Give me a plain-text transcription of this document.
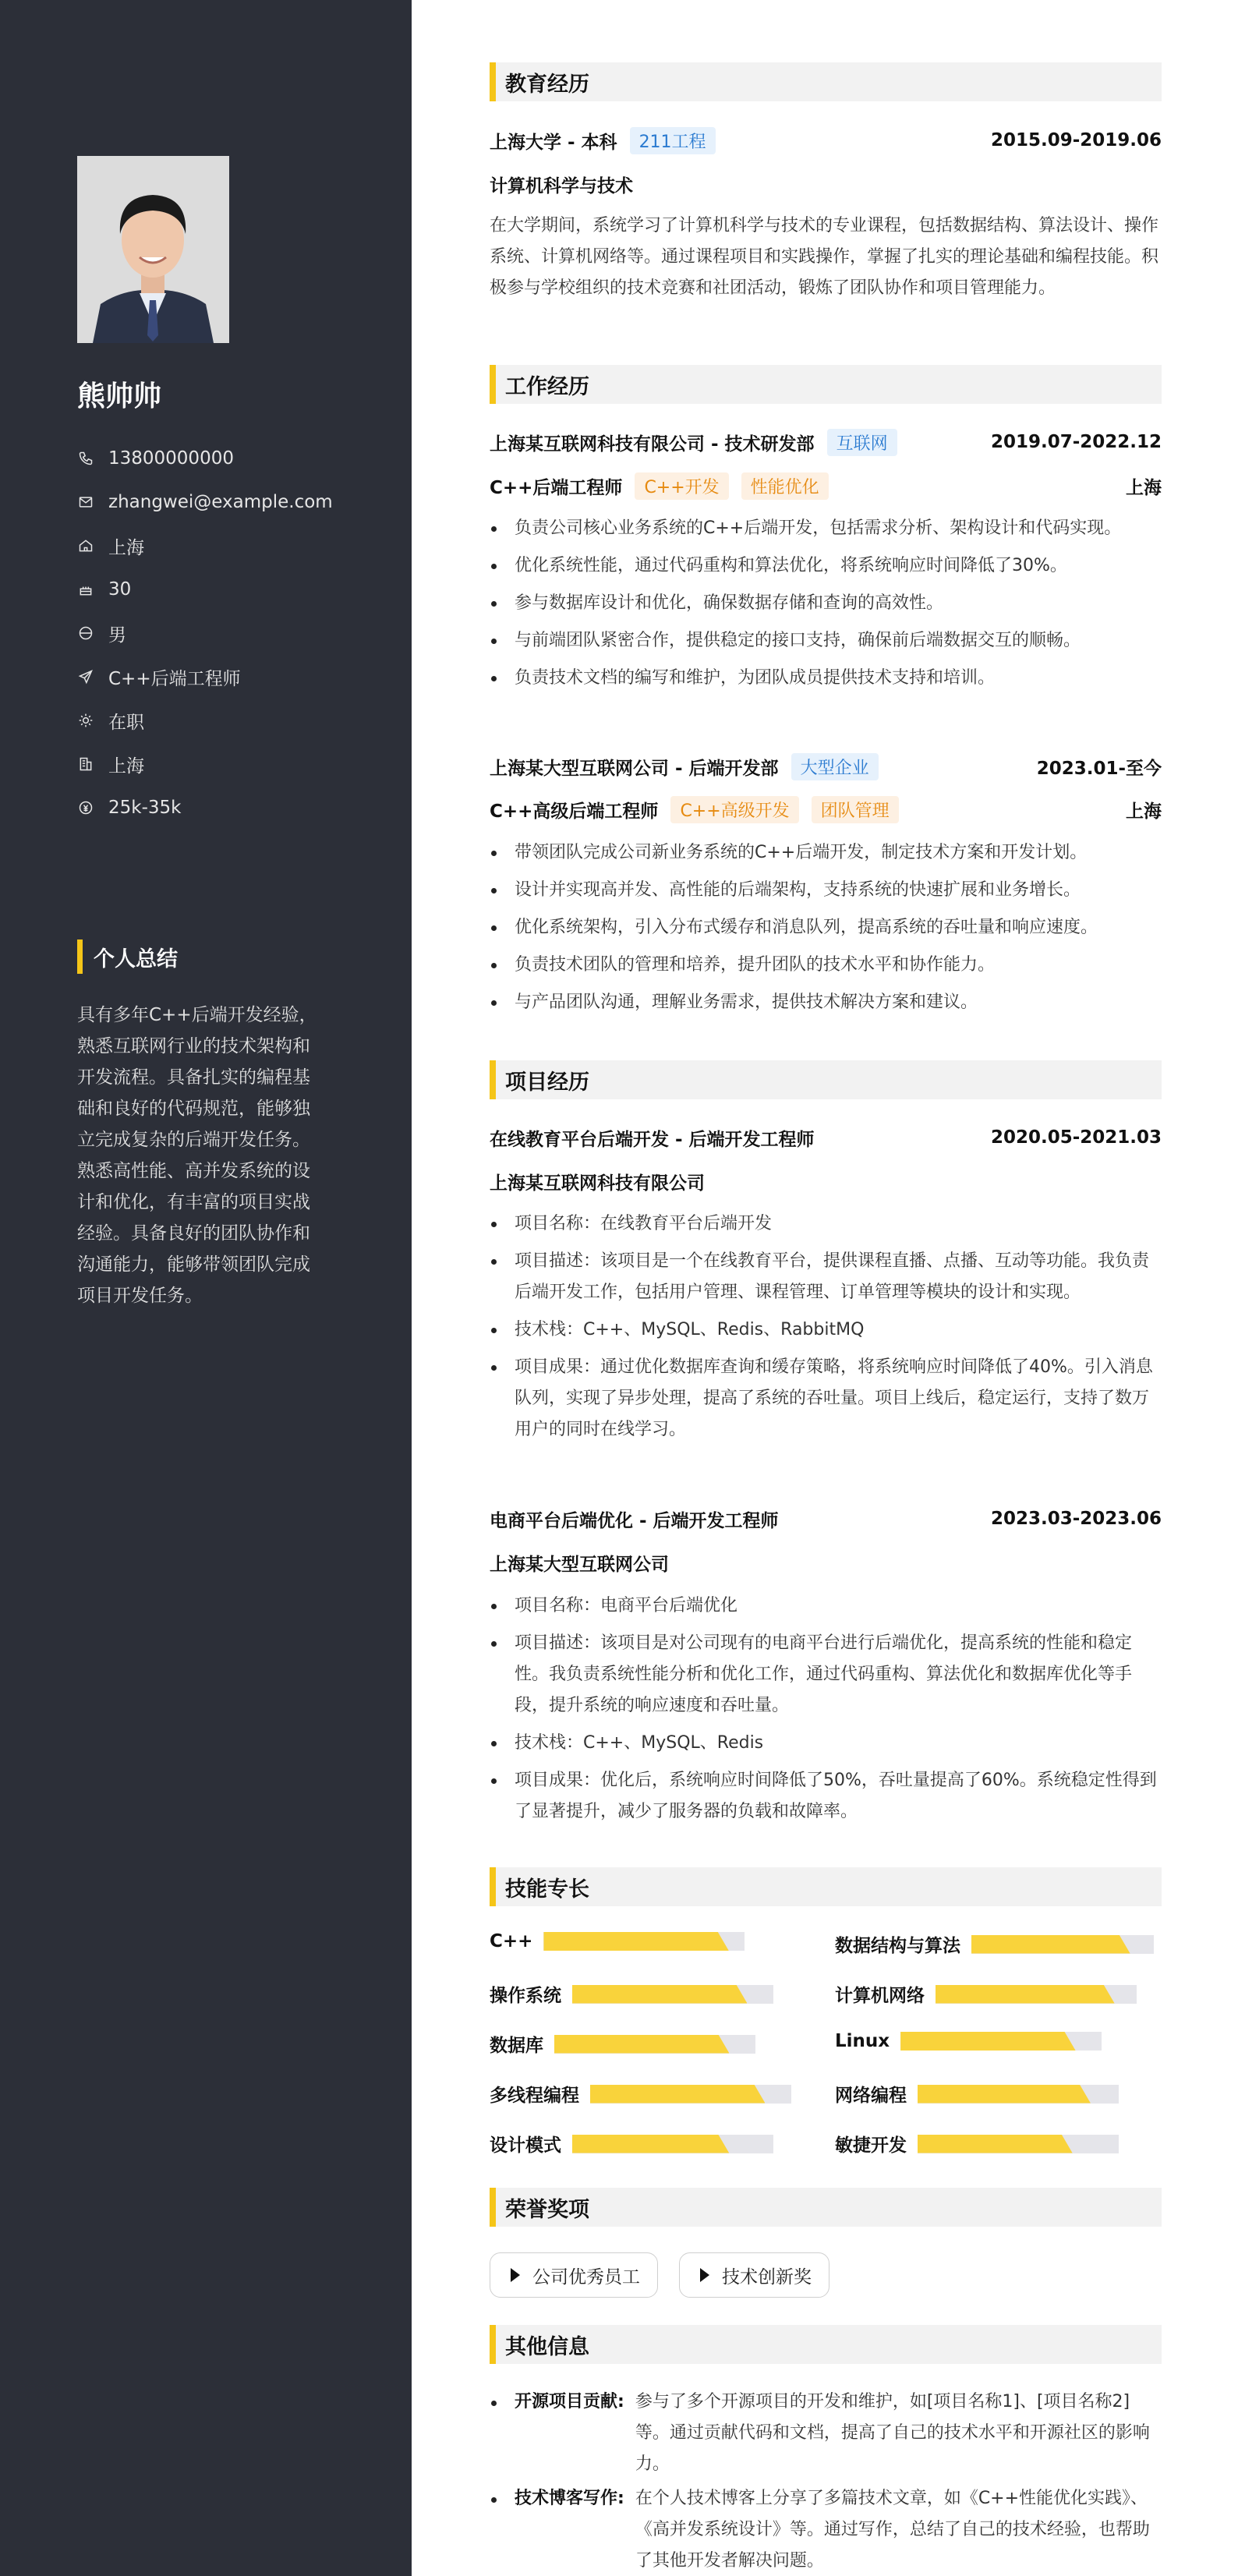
熊帅帅
13800000000
zhangwei@example.com
上海
30
男
C++后端工程师
在职
上海
25k-35k
个人总结
具有多年C++后端开发经验，熟悉互联网行业的技术架构和开发流程。具备扎实的编程基础和良好的代码规范，能够独立完成复杂的后端开发任务。熟悉高性能、高并发系统的设计和优化，有丰富的项目实战经验。具备良好的团队协作和沟通能力，能够带领团队完成项目开发任务。
教育经历
上海大学 - 本科	211工程	2015.09-2019.06
计算机科学与技术
在大学期间，系统学习了计算机科学与技术的专业课程，包括数据结构、算法设计、操作系统、计算机网络等。通过课程项目和实践操作，掌握了扎实的理论基础和编程技能。积极参与学校组织的技术竞赛和社团活动，锻炼了团队协作和项目管理能力。
工作经历
上海某互联网科技有限公司 - 技术研发部	互联网	2019.07-2022.12
C++后端工程师	C++开发	性能优化	上海
负责公司核心业务系统的C++后端开发，包括需求分析、架构设计和代码实现。
优化系统性能，通过代码重构和算法优化，将系统响应时间降低了30%。
参与数据库设计和优化，确保数据存储和查询的高效性。
与前端团队紧密合作，提供稳定的接口支持，确保前后端数据交互的顺畅。
负责技术文档的编写和维护，为团队成员提供技术支持和培训。
上海某大型互联网公司 - 后端开发部	大型企业	2023.01-至今
C++高级后端工程师	C++高级开发	团队管理	上海
带领团队完成公司新业务系统的C++后端开发，制定技术方案和开发计划。
设计并实现高并发、高性能的后端架构，支持系统的快速扩展和业务增长。
优化系统架构，引入分布式缓存和消息队列，提高系统的吞吐量和响应速度。
负责技术团队的管理和培养，提升团队的技术水平和协作能力。
与产品团队沟通，理解业务需求，提供技术解决方案和建议。
项目经历
在线教育平台后端开发 - 后端开发工程师	2020.05-2021.03
上海某互联网科技有限公司
项目名称：在线教育平台后端开发
项目描述：该项目是一个在线教育平台，提供课程直播、点播、互动等功能。我负责后端开发工作，包括用户管理、课程管理、订单管理等模块的设计和实现。
技术栈：C++、MySQL、Redis、RabbitMQ
项目成果：通过优化数据库查询和缓存策略，将系统响应时间降低了40%。引入消息队列，实现了异步处理，提高了系统的吞吐量。项目上线后，稳定运行，支持了数万用户的同时在线学习。
电商平台后端优化 - 后端开发工程师	2023.03-2023.06
上海某大型互联网公司
项目名称：电商平台后端优化
项目描述：该项目是对公司现有的电商平台进行后端优化，提高系统的性能和稳定性。我负责系统性能分析和优化工作，通过代码重构、算法优化和数据库优化等手段，提升系统的响应速度和吞吐量。
技术栈：C++、MySQL、Redis
项目成果：优化后，系统响应时间降低了50%，吞吐量提高了60%。系统稳定性得到了显著提升，减少了服务器的负载和故障率。
技能专长
C++	数据结构与算法
操作系统	计算机网络
数据库	Linux
多线程编程	网络编程
设计模式	敏捷开发
荣誉奖项
公司优秀员工	技术创新奖
其他信息
开源项目贡献: 参与了多个开源项目的开发和维护，如[项目名称1]、[项目名称2]等。通过贡献代码和文档，提高了自己的技术水平和开源社区的影响力。
技术博客写作: 在个人技术博客上分享了多篇技术文章，如《C++性能优化实践》、《高并发系统设计》等。通过写作，总结了自己的技术经验，也帮助了其他开发者解决问题。
